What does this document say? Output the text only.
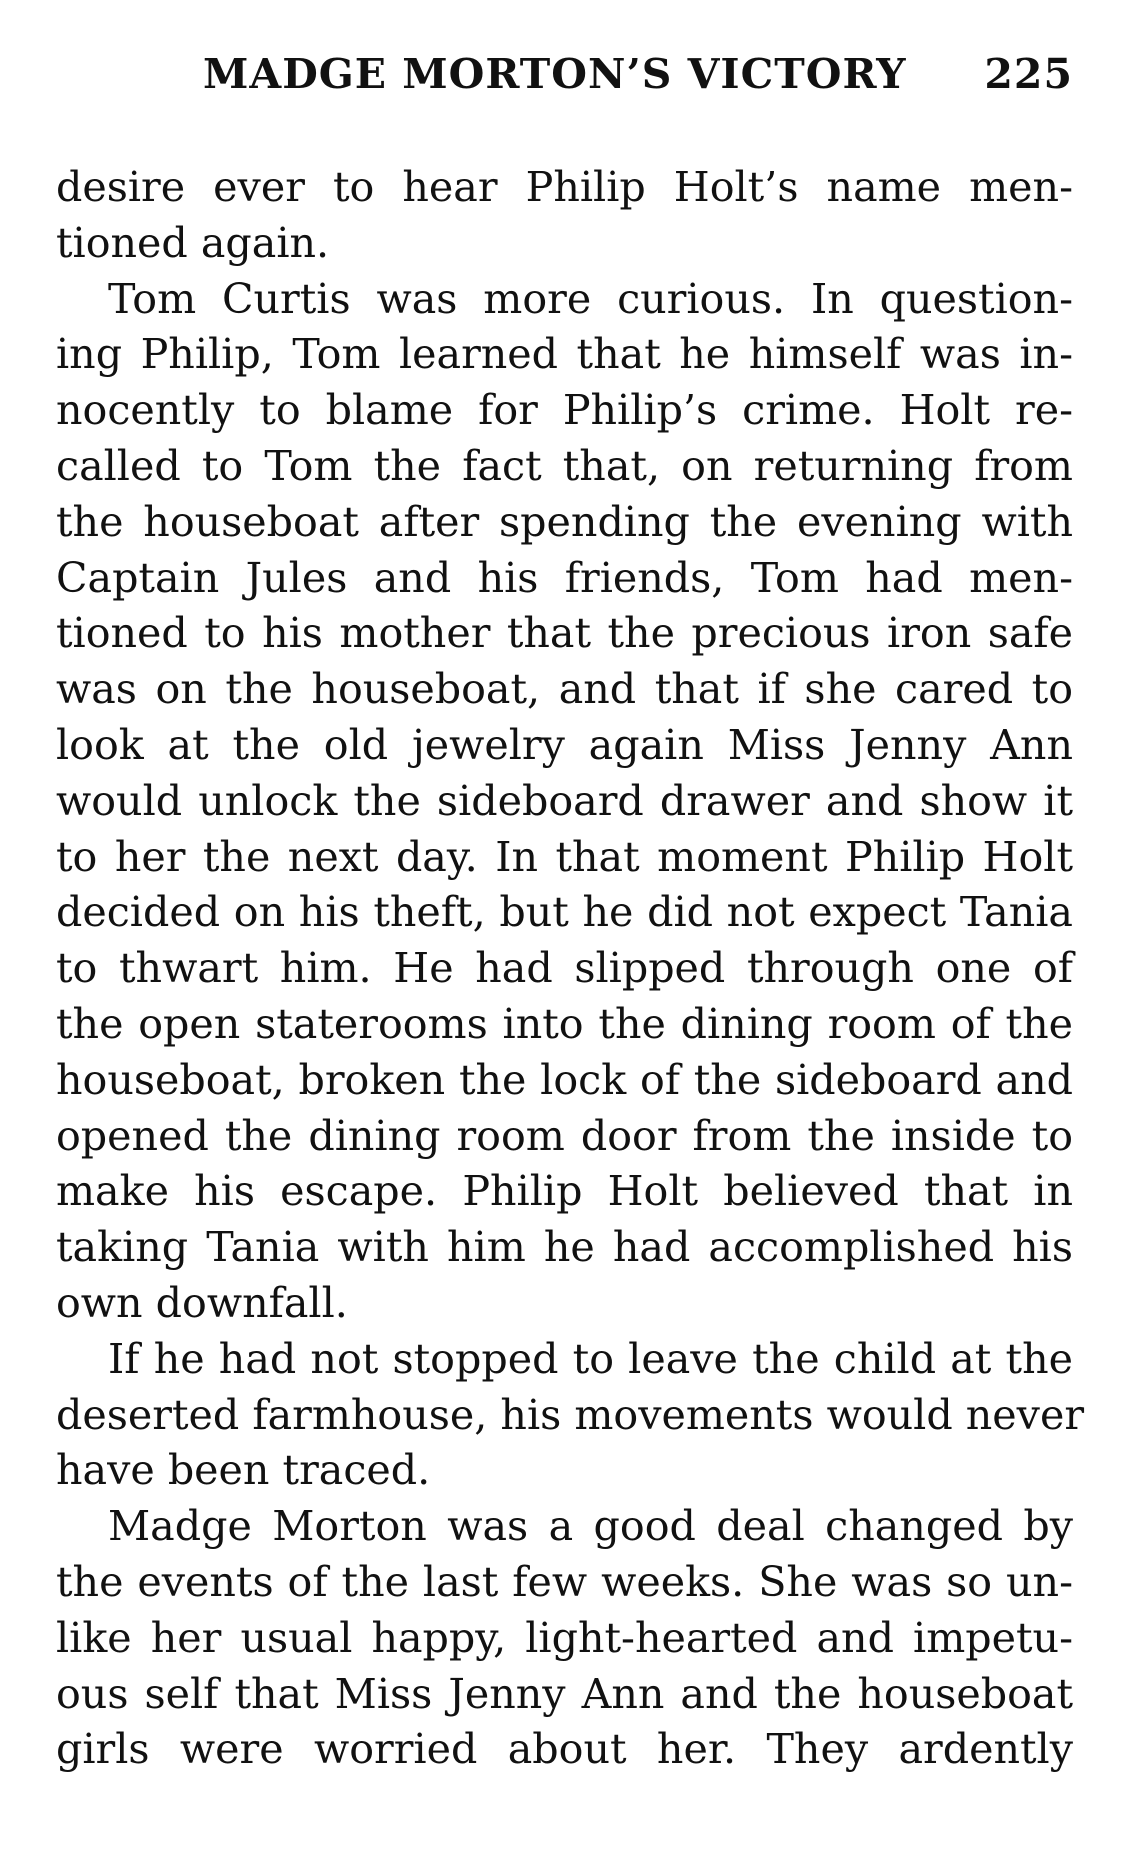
MADGE MORTON’S VICTORY 225
desire ever to hear Philip Holt’s name men-
tioned again.
Tom Curtis was more curious. In question-
ing Philip, Tom learned that he himself was in-
nocently to blame for Philip’s crime. Holt re-
called to Tom the fact that, on returning from
the houseboat after spending the evening with
Captain Jules and his friends, Tom had men-
tioned to his mother that the precious iron safe
was on the houseboat, and that if she cared to
look at the old jewelry again Miss Jenny Ann
would unlock the sideboard drawer and show it
to her the next day. In that moment Philip Holt
decided on his theft, but he did not expect Tania
to thwart him. He had slipped through one of
the open staterooms into the dining room of the
houseboat, broken the lock of the sideboard and
opened the dining room door from the inside to
make his escape. Philip Holt believed that in
taking Tania with him he had accomplished his
own downfall.
If he had not stopped to leave the child at the
deserted farmhouse, his movements would never
have been traced.
Madge Morton was a good deal changed by
the events of the last few weeks. She was so un-
like her usual happy, light-hearted and impetu-
ous self that Miss Jenny Ann and the houseboat
girls were worried about her. They ardently
